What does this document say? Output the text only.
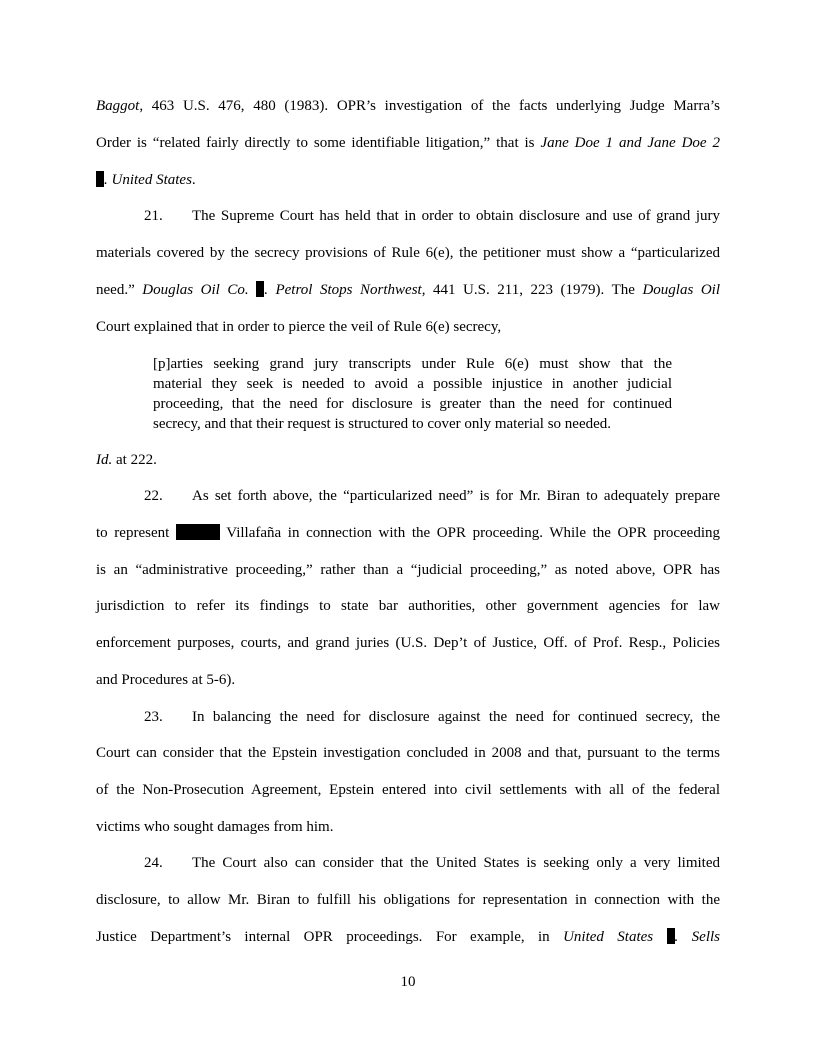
Baggot, 463 U.S. 476, 480 (1983). OPR’s investigation of the facts underlying Judge Marra’s
Order is “related fairly directly to some identifiable litigation,” that is Jane Doe 1 and Jane Doe 2
. United States.
21. The Supreme Court has held that in order to obtain disclosure and use of grand jury
materials covered by the secrecy provisions of Rule 6(e), the petitioner must show a “particularized
need.” Douglas Oil Co. . Petrol Stops Northwest, 441 U.S. 211, 223 (1979). The Douglas Oil
Court explained that in order to pierce the veil of Rule 6(e) secrecy,
[p]arties seeking grand jury transcripts under Rule 6(e) must show that the
material they seek is needed to avoid a possible injustice in another judicial
proceeding, that the need for disclosure is greater than the need for continued
secrecy, and that their request is structured to cover only material so needed.
Id. at 222.
22. As set forth above, the “particularized need” is for Mr. Biran to adequately prepare
to represent	Villafaña in connection with the OPR proceeding. While the OPR proceeding
is an “administrative proceeding,” rather than a “judicial proceeding,” as noted above, OPR has
jurisdiction to refer its findings to state bar authorities, other government agencies for law
enforcement purposes, courts, and grand juries (U.S. Dep’t of Justice, Off. of Prof. Resp., Policies
and Procedures at 5-6).
23. In balancing the need for disclosure against the need for continued secrecy, the
Court can consider that the Epstein investigation concluded in 2008 and that, pursuant to the terms
of the Non-Prosecution Agreement, Epstein entered into civil settlements with all of the federal
victims who sought damages from him.
24. The Court also can consider that the United States is seeking only a very limited
disclosure, to allow Mr. Biran to fulfill his obligations for representation in connection with the
Justice Department’s internal OPR proceedings. For example, in United States . Sells
10
